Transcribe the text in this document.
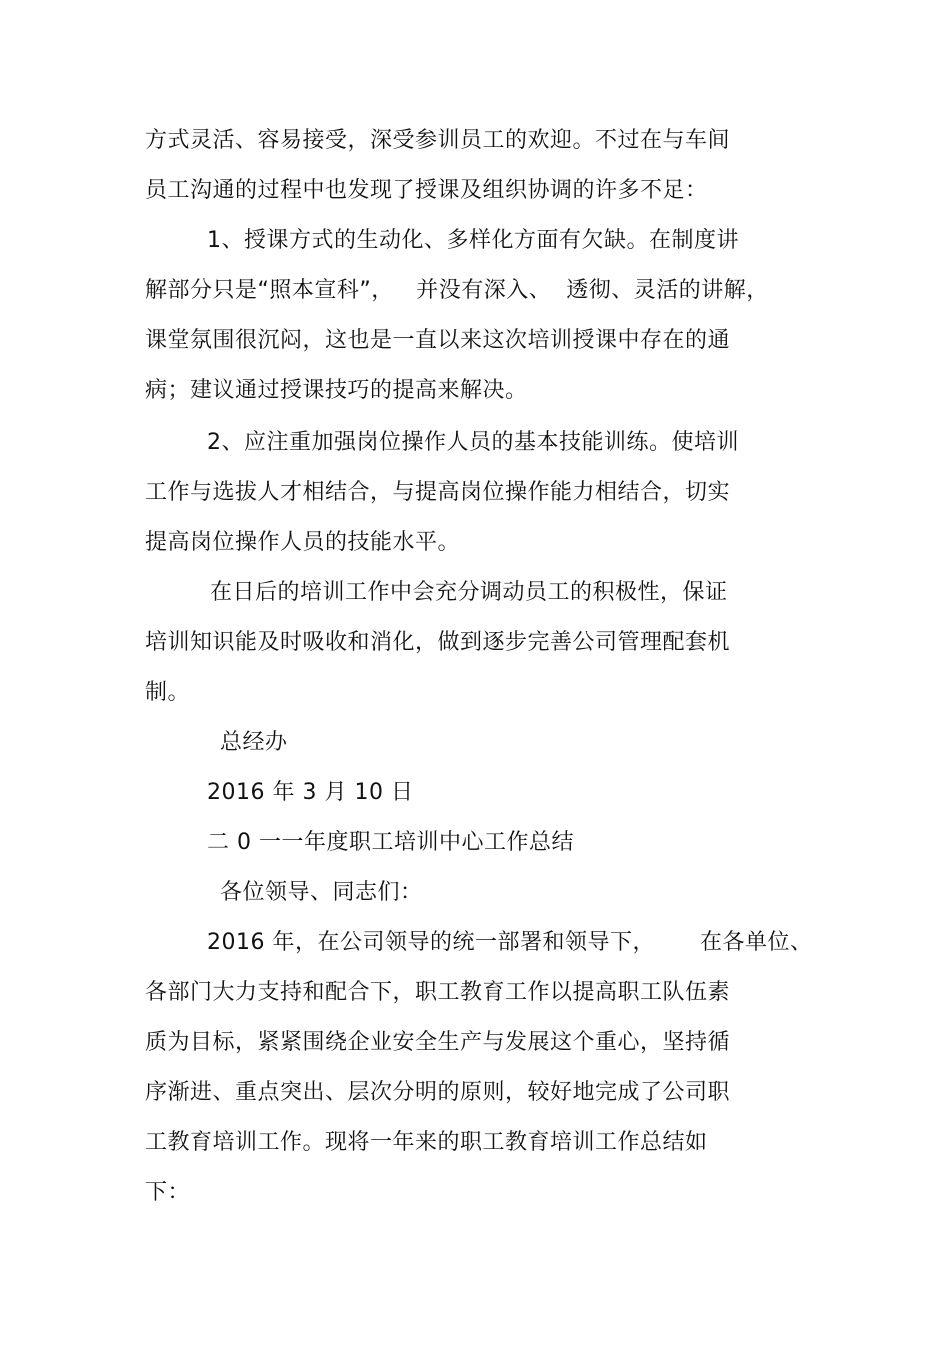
方式灵活、容易接受，深受参训员工的欢迎。不过在与车间
员工沟通的过程中也发现了授课及组织协调的许多不足：
1、授课方式的生动化、多样化方面有欠缺。在制度讲
解部分只是“照本宣科”，   并没有深入、  透彻、灵活的讲解，
课堂氛围很沉闷，这也是一直以来这次培训授课中存在的通
病；建议通过授课技巧的提高来解决。
2、应注重加强岗位操作人员的基本技能训练。使培训
工作与选拔人才相结合，与提高岗位操作能力相结合，切实
提高岗位操作人员的技能水平。
在日后的培训工作中会充分调动员工的积极性，保证
培训知识能及时吸收和消化，做到逐步完善公司管理配套机
制。
总经办
2016 年 3 月 10 日
二 0 一一年度职工培训中心工作总结
各位领导、同志们：
2016 年，在公司领导的统一部署和领导下，      在各单位、
各部门大力支持和配合下，职工教育工作以提高职工队伍素
质为目标，紧紧围绕企业安全生产与发展这个重心，坚持循
序渐进、重点突出、层次分明的原则，较好地完成了公司职
工教育培训工作。现将一年来的职工教育培训工作总结如
下：
